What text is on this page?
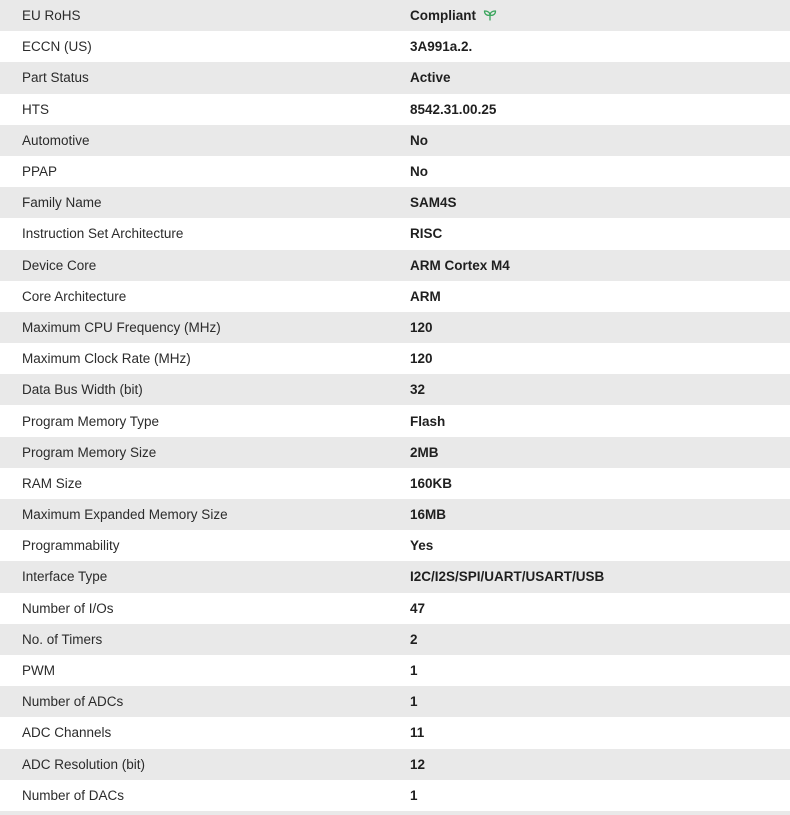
EU RoHS	Compliant
ECCN (US)	3A991a.2.
Part Status	Active
HTS	8542.31.00.25
Automotive	No
PPAP	No
Family Name	SAM4S
Instruction Set Architecture	RISC
Device Core	ARM Cortex M4
Core Architecture	ARM
Maximum CPU Frequency (MHz)	120
Maximum Clock Rate (MHz)	120
Data Bus Width (bit)	32
Program Memory Type	Flash
Program Memory Size	2MB
RAM Size	160KB
Maximum Expanded Memory Size	16MB
Programmability	Yes
Interface Type	I2C/I2S/SPI/UART/USART/USB
Number of I/Os	47
No. of Timers	2
PWM	1
Number of ADCs	1
ADC Channels	11
ADC Resolution (bit)	12
Number of DACs	1
